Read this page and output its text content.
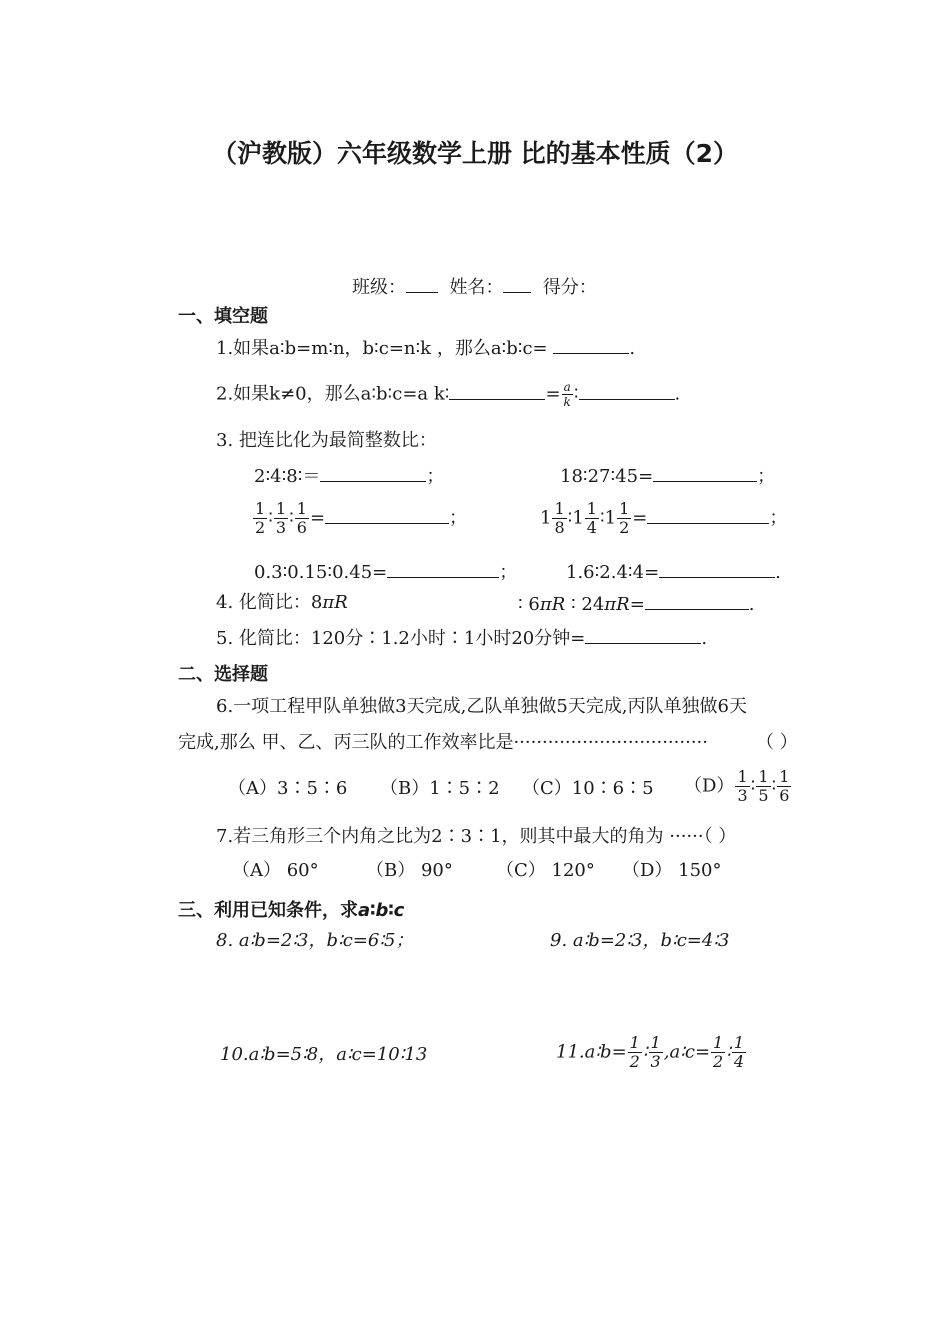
（沪教版）六年级数学上册 比的基本性质（2）
班级： 姓名： 得分：
一、填空题
1.如果a∶b=m∶n，b∶c=n∶k ，那么a∶b∶c=	.
2.如果k≠0，那么a∶b∶c=a k∶	= $\frac{a}{k}$ ∶	.
3. 把连比化为最简整数比：
2∶4∶8∶＝	；	18∶27∶45=	；
$\frac{1}{2}$ ∶ $\frac{1}{3}$ ∶ $\frac{1}{6}$ =	；	$1 \frac{1}{8}$ ∶1 $\frac{1}{4}$ ∶1 $\frac{1}{2}$ =	；
0.3∶0.15∶0.45=	；	1.6∶2.4∶4=	.
4. 化简比：8πR	∶ 6πR ∶ 24πR=	.
5. 化简比：120分∶1.2小时∶1小时20分钟=	.
二、选择题
6.一项工程甲队单独做3天完成,乙队单独做5天完成,丙队单独做6天
完成,那么 甲、乙、丙三队的工作效率比是··································	（ ）
（A）3∶5∶6 （B）1∶5∶2 （C）10∶6∶5 $(D) \frac{1}{3}$ ∶ $\frac{1}{5}$ ∶ $\frac{1}{6}$
7.若三角形三个内角之比为2∶3∶1，则其中最大的角为 ······（ ）
（A） 60°	（B） 90° （C） 120° （D） 150°
三、利用已知条件，求a∶b∶c
8. a∶b=2∶3，b∶c=6∶5；	9. a∶b=2∶3，b∶c=4∶3
10.a∶b=5∶8，a∶c=10∶13	11.a∶b= $\frac{1}{2}$ ∶ $\frac{1}{3}$ ,a∶c= $\frac{1}{2}$ ∶ $\frac{1}{4}$
